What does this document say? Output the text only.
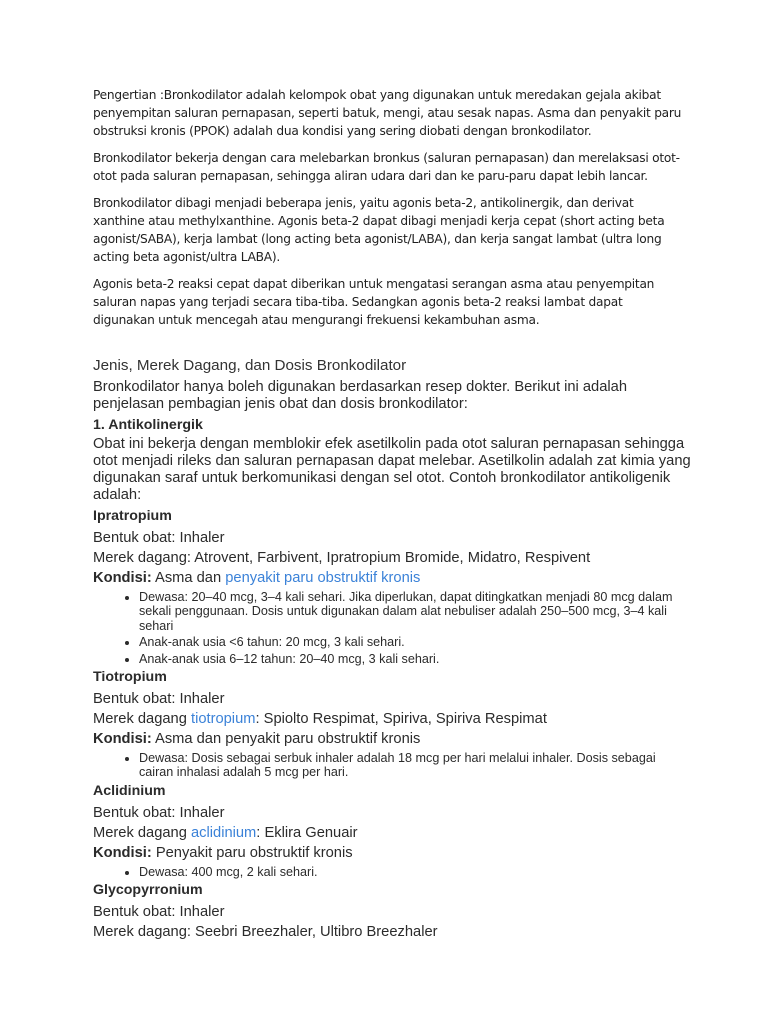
Pengertian :Bronkodilator adalah kelompok obat yang digunakan untuk meredakan gejala akibat penyempitan saluran pernapasan, seperti batuk, mengi, atau sesak napas. Asma dan penyakit paru obstruksi kronis (PPOK) adalah dua kondisi yang sering diobati dengan bronkodilator.

Bronkodilator bekerja dengan cara melebarkan bronkus (saluran pernapasan) dan merelaksasi otot-otot pada saluran pernapasan, sehingga aliran udara dari dan ke paru-paru dapat lebih lancar.

Bronkodilator dibagi menjadi beberapa jenis, yaitu agonis beta-2, antikolinergik, dan derivat xanthine atau methylxanthine. Agonis beta-2 dapat dibagi menjadi kerja cepat (short acting beta agonist/SABA), kerja lambat (long acting beta agonist/LABA), dan kerja sangat lambat (ultra long acting beta agonist/ultra LABA).

Agonis beta-2 reaksi cepat dapat diberikan untuk mengatasi serangan asma atau penyempitan saluran napas yang terjadi secara tiba-tiba. Sedangkan agonis beta-2 reaksi lambat dapat digunakan untuk mencegah atau mengurangi frekuensi kekambuhan asma.

Jenis, Merek Dagang, dan Dosis Bronkodilator
Bronkodilator hanya boleh digunakan berdasarkan resep dokter. Berikut ini adalah penjelasan pembagian jenis obat dan dosis bronkodilator:
1. Antikolinergik
Obat ini bekerja dengan memblokir efek asetilkolin pada otot saluran pernapasan sehingga otot menjadi rileks dan saluran pernapasan dapat melebar. Asetilkolin adalah zat kimia yang digunakan saraf untuk berkomunikasi dengan sel otot. Contoh bronkodilator antikoligenik adalah:
Ipratropium
Bentuk obat: Inhaler
Merek dagang: Atrovent, Farbivent, Ipratropium Bromide, Midatro, Respivent
Kondisi: Asma dan penyakit paru obstruktif kronis
• Dewasa: 20–40 mcg, 3–4 kali sehari. Jika diperlukan, dapat ditingkatkan menjadi 80 mcg dalam sekali penggunaan. Dosis untuk digunakan dalam alat nebuliser adalah 250–500 mcg, 3–4 kali sehari
• Anak-anak usia <6 tahun: 20 mcg, 3 kali sehari.
• Anak-anak usia 6–12 tahun: 20–40 mcg, 3 kali sehari.
Tiotropium
Bentuk obat: Inhaler
Merek dagang tiotropium: Spiolto Respimat, Spiriva, Spiriva Respimat
Kondisi: Asma dan penyakit paru obstruktif kronis
• Dewasa: Dosis sebagai serbuk inhaler adalah 18 mcg per hari melalui inhaler. Dosis sebagai cairan inhalasi adalah 5 mcg per hari.
Aclidinium
Bentuk obat: Inhaler
Merek dagang aclidinium: Eklira Genuair
Kondisi: Penyakit paru obstruktif kronis
• Dewasa: 400 mcg, 2 kali sehari.
Glycopyrronium
Bentuk obat: Inhaler
Merek dagang: Seebri Breezhaler, Ultibro Breezhaler
